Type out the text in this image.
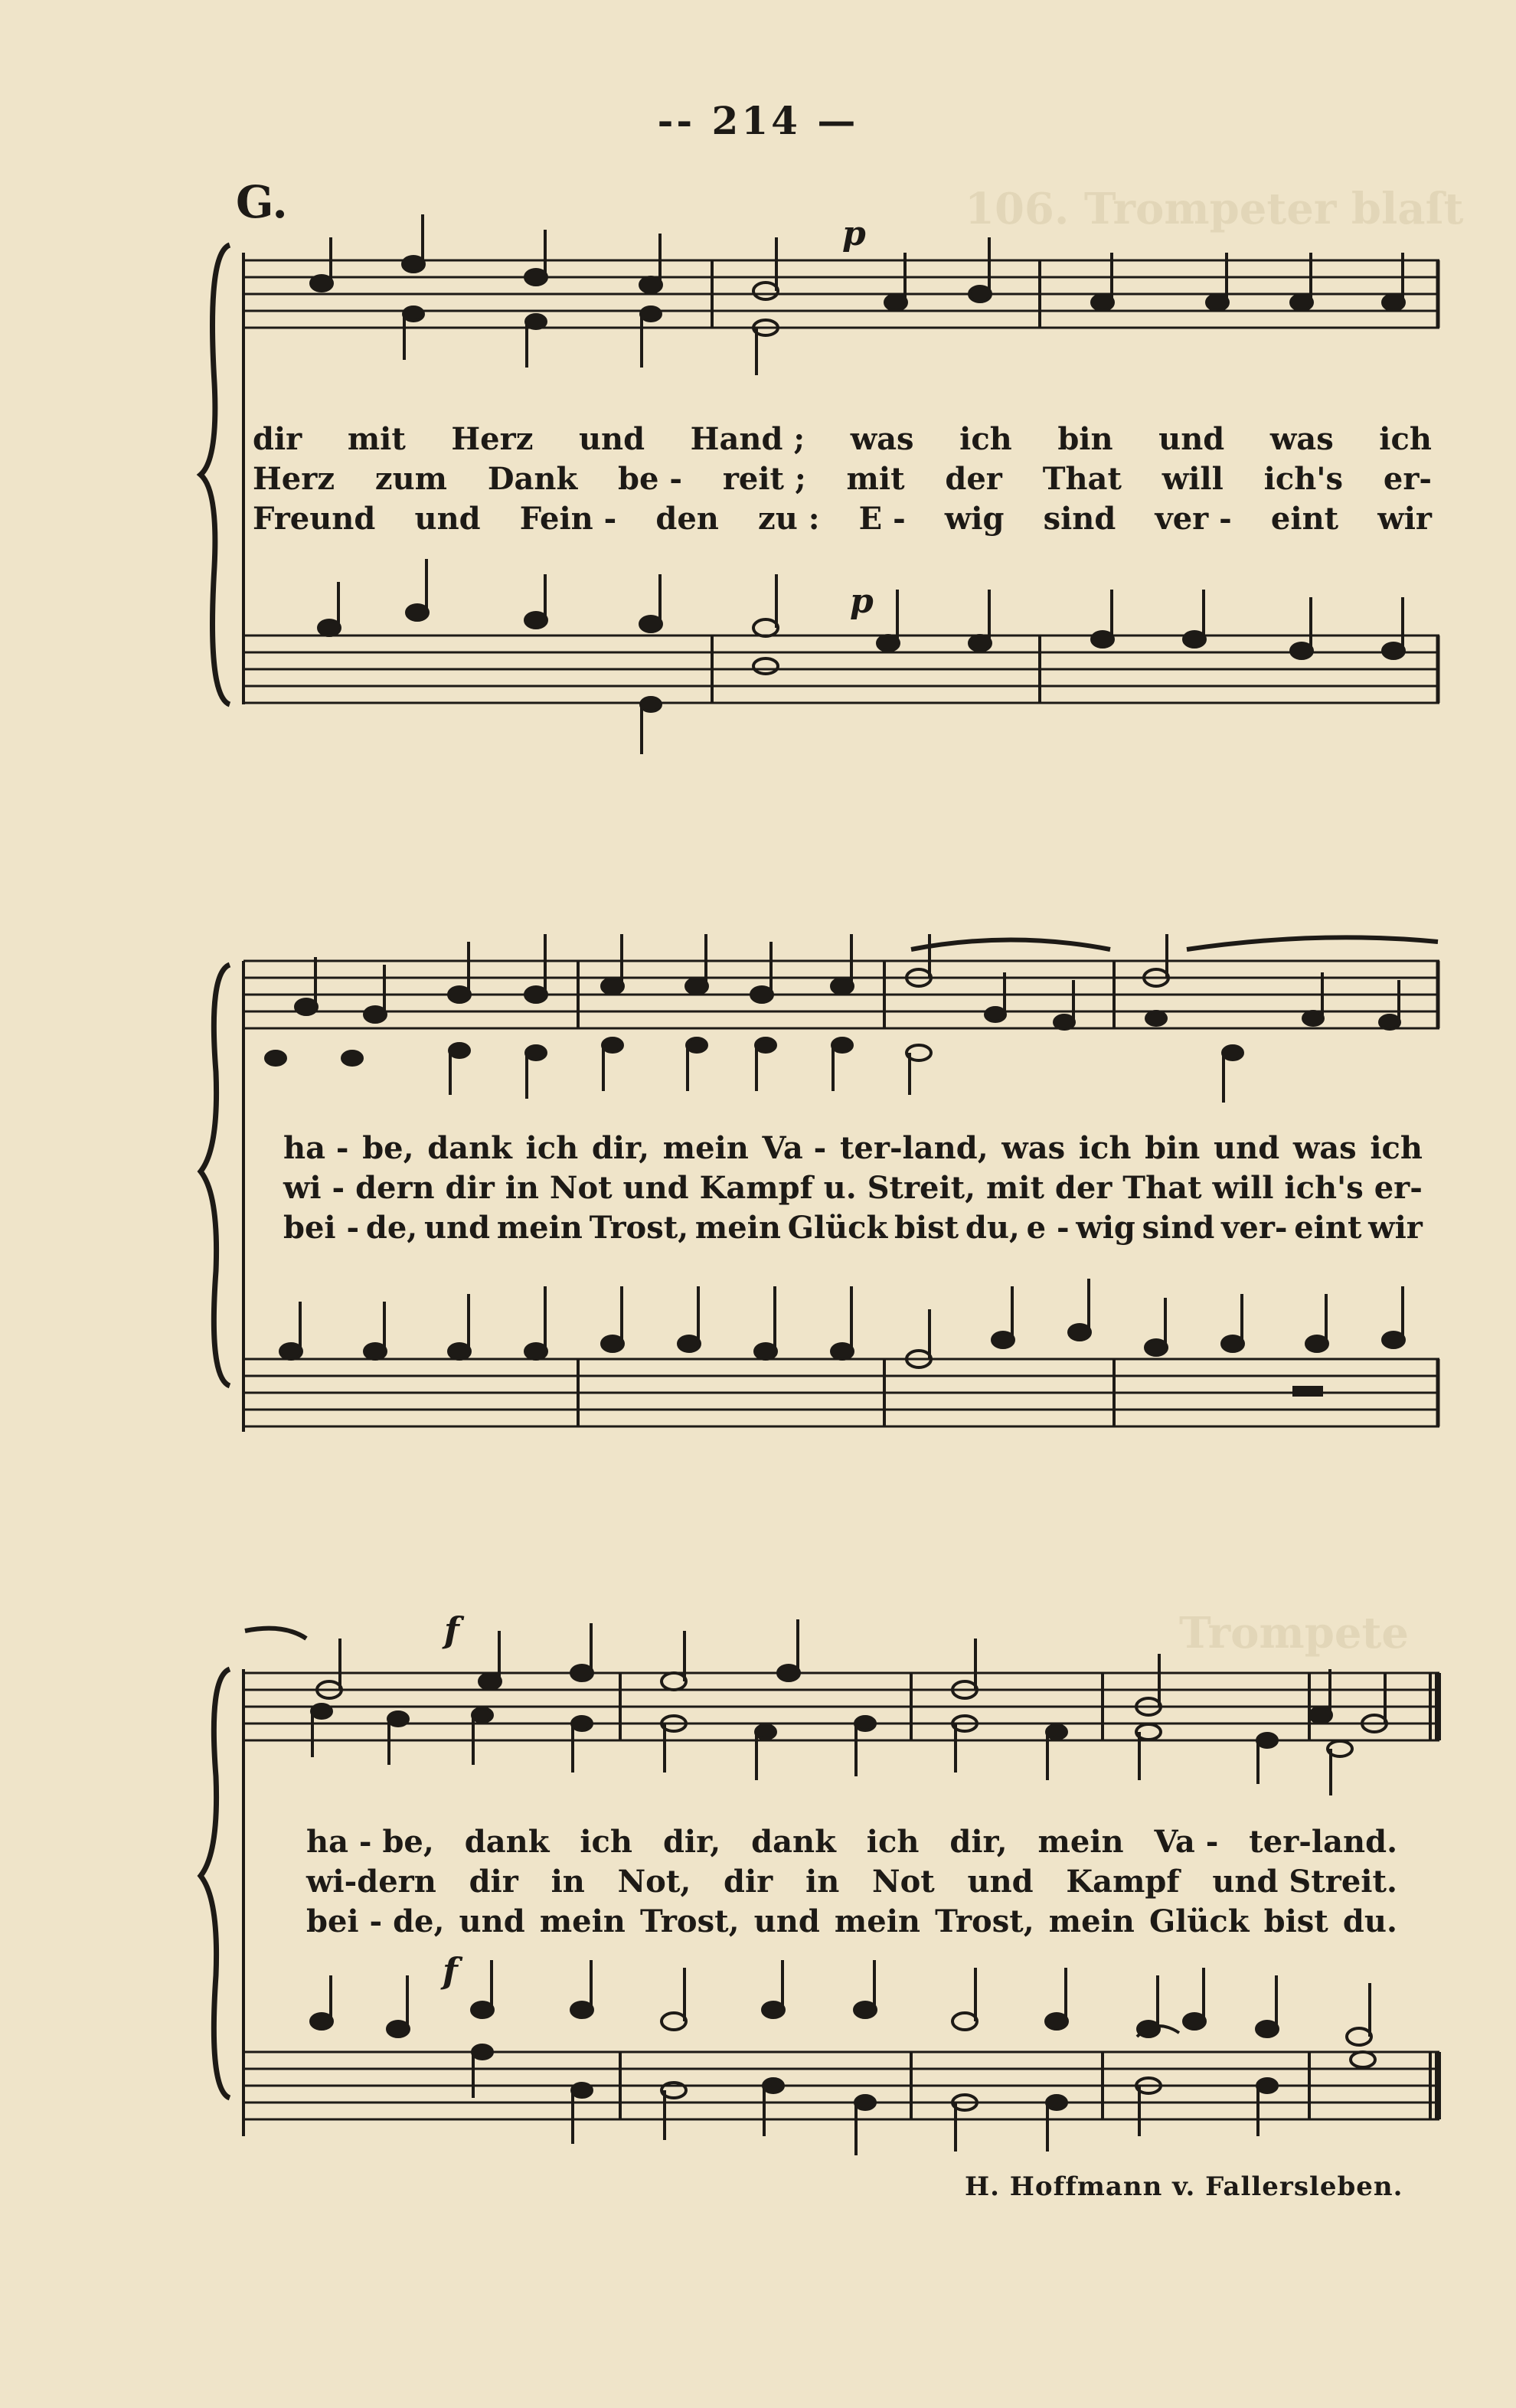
106. Trompeter blaſt
Trompete
-- 214 —
G.
p
p
dir mit Herz und Hand ; was ich bin und was ich
Herz zum Dank be - reit ; mit der That will ich's er-
Freund und Fein - den zu : E - wig sind ver - eint wir
ha - be, dank ich dir, mein Va - ter-land, was ich bin und was ich
wi - dern dir in Not und Kampf u. Streit, mit der That will ich's er-
bei - de, und mein Trost, mein Glück bist du, e - wig sind ver- eint wir
f
f
ha - be, dank ich dir, dank ich dir, mein Va - ter-land.
wi-dern dir in Not, dir in Not und Kampf und Streit.
bei - de, und mein Trost, und mein Trost, mein Glück bist du.
H. Hoffmann v. Fallersleben.
